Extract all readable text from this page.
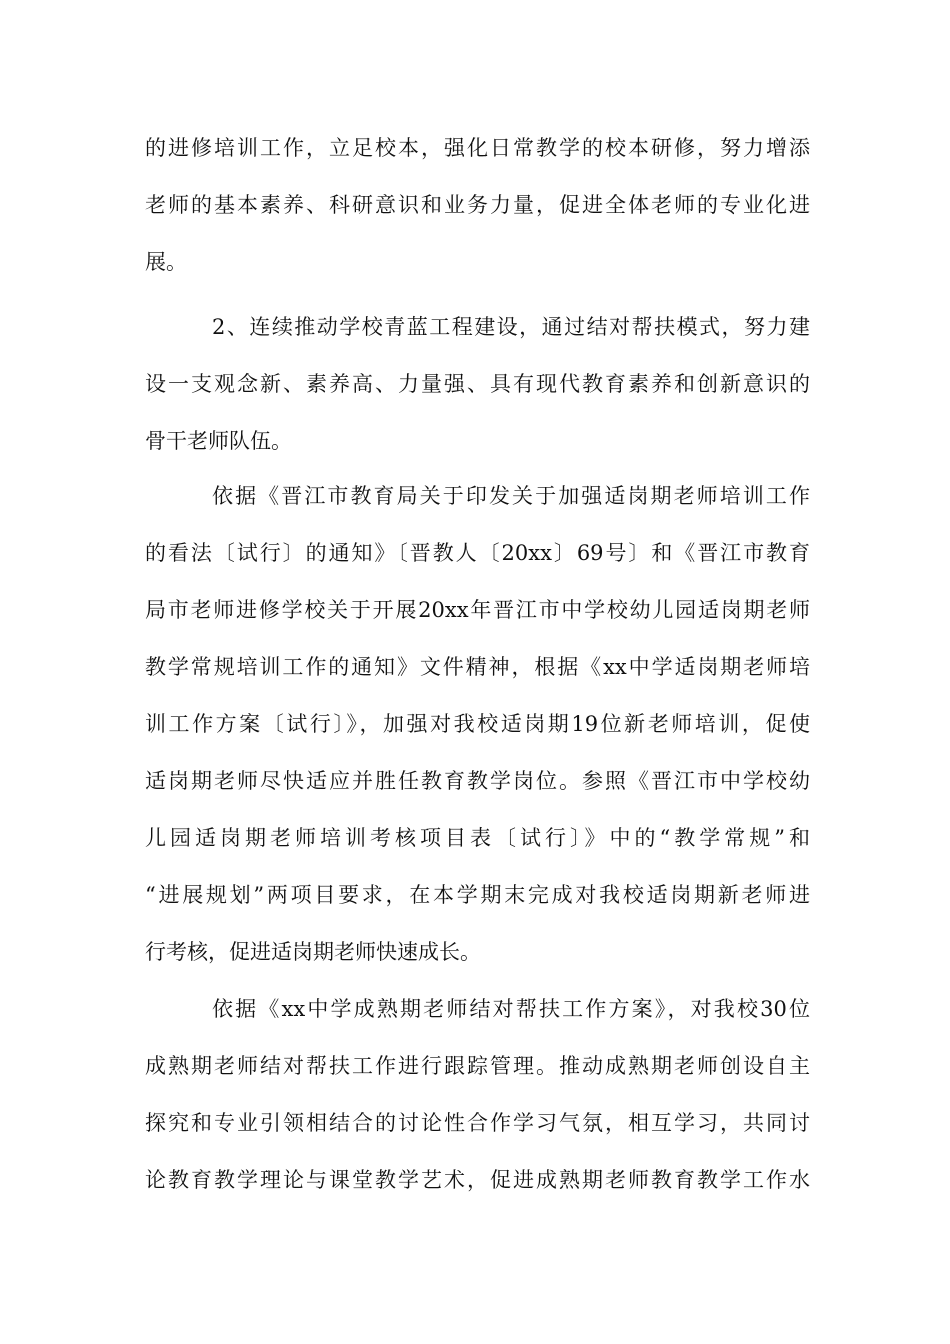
的进修培训工作，立足校本，强化日常教学的校本研修，努力增添
老师的基本素养、科研意识和业务力量，促进全体老师的专业化进
展。
2、连续推动学校青蓝工程建设，通过结对帮扶模式，努力建
设一支观念新、素养高、力量强、具有现代教育素养和创新意识的
骨干老师队伍。
依据《晋江市教育局关于印发关于加强适岗期老师培训工作
的看法〔试行〕的通知》〔晋教人〔20xx〕69号〕和《晋江市教育
局市老师进修学校关于开展20xx年晋江市中学校幼儿园适岗期老师
教学常规培训工作的通知》文件精神，根据《xx中学适岗期老师培
训工作方案〔试行〕》，加强对我校适岗期19位新老师培训，促使
适岗期老师尽快适应并胜任教育教学岗位。参照《晋江市中学校幼
儿园适岗期老师培训考核项目表〔试行〕》中的“教学常规”和
“进展规划”两项目要求，在本学期末完成对我校适岗期新老师进
行考核，促进适岗期老师快速成长。
依据《xx中学成熟期老师结对帮扶工作方案》，对我校30位
成熟期老师结对帮扶工作进行跟踪管理。推动成熟期老师创设自主
探究和专业引领相结合的讨论性合作学习气氛，相互学习，共同讨
论教育教学理论与课堂教学艺术，促进成熟期老师教育教学工作水
